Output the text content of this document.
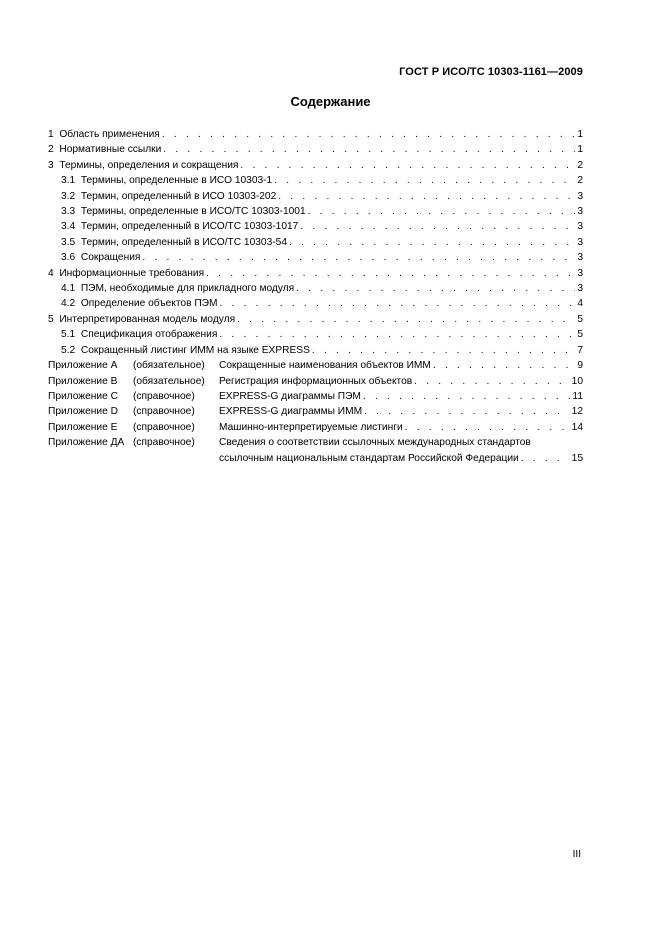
ГОСТ Р ИСО/ТС 10303-1161—2009
Содержание
1 Область применения . . .	1
2 Нормативные ссылки . . .	1
3 Термины, определения и сокращения . . .	2
3.1 Термины, определенные в ИСО 10303-1 . . .	2
3.2 Термин, определенный в ИСО 10303-202 . . .	3
3.3 Термины, определенные в ИСО/ТС 10303-1001 . . .	3
3.4 Термин, определенный в ИСО/ТС 10303-1017 . . .	3
3.5 Термин, определенный в ИСО/ТС 10303-54 . . .	3
3.6 Сокращения . . .	3
4 Информационные требования . . .	3
4.1 ПЭМ, необходимые для прикладного модуля . . .	3
4.2 Определение объектов ПЭМ . . .	4
5 Интерпретированная модель модуля . . .	5
5.1 Спецификация отображения . . .	5
5.2 Сокращенный листинг ИММ на языке EXPRESS . . .	7
Приложение A	(обязательное)	Сокращенные наименования объектов ИММ . . .	9
Приложение B	(обязательное)	Регистрация информационных объектов . . .	10
Приложение C	(справочное)	EXPRESS-G диаграммы ПЭМ . . .	11
Приложение D	(справочное)	EXPRESS-G диаграммы ИММ . . .	12
Приложение E	(справочное)	Машинно-интерпретируемые листинги . . .	14
Приложение ДА (справочное)	Сведения о соответствии ссылочных международных стандартов
ссылочным национальным стандартам Российской Федерации . . .	15
III
